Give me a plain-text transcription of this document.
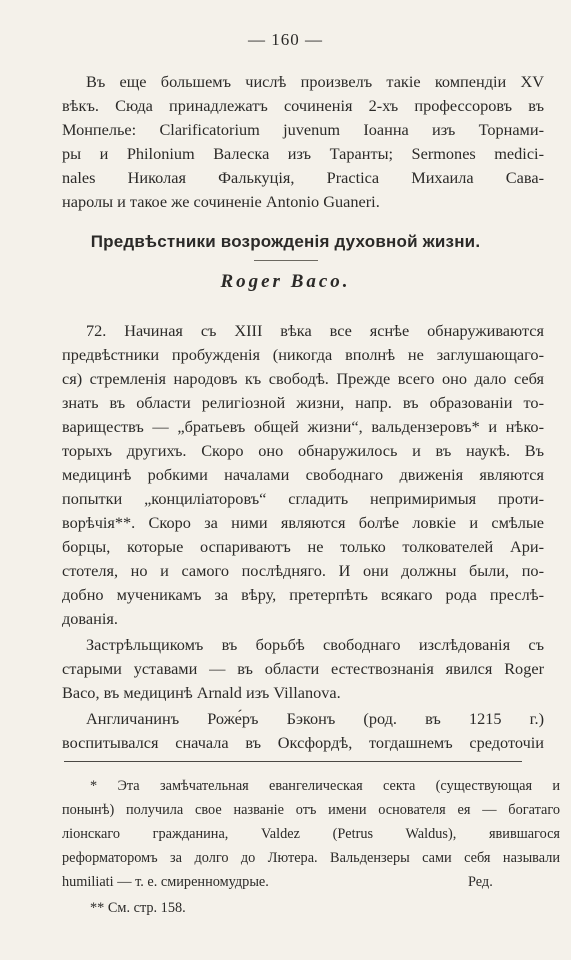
— 160 —
Въ еще большемъ числѣ произвелъ такіе компендіи XV
вѣкъ. Сюда принадлежатъ сочиненія 2-хъ профессоровъ въ
Монпелье: Clarificatorium juvenum Іоанна изъ Торнами-
ры и Philonium Валеска изъ Таранты; Sermones medici-
nales Николая Фалькуція, Practica Михаила Сава-
наролы и такое же сочиненіе Antonio Guaneri.
Предвѣстники возрожденія духовной жизни.
Roger Baco.
72. Начиная съ XIII вѣка все яснѣе обнаруживаются
предвѣстники пробужденія (никогда вполнѣ не заглушающаго-
ся) стремленія народовъ къ свободѣ. Прежде всего оно дало себя
знать въ области религіозной жизни, напр. въ образованіи то-
вариществъ — „братьевъ общей жизни“, вальдензеровъ* и нѣко-
торыхъ другихъ. Скоро оно обнаружилось и въ наукѣ. Въ
медицинѣ робкими началами свободнаго движенія являются
попытки „конциліаторовъ“ сгладить непримиримыя проти-
ворѣчія**. Скоро за ними являются болѣе ловкіе и смѣлые
борцы, которые оспариваютъ не только толкователей Ари-
стотеля, но и самого послѣдняго. И они должны были, по-
добно мученикамъ за вѣру, претерпѣть всякаго рода преслѣ-
дованія.
Застрѣльщикомъ въ борьбѣ свободнаго изслѣдованія съ
старыми уставами — въ области естествознанія явился Roger
Baco, въ медицинѣ Arnald изъ Villanova.
Англичанинъ Роже́ръ Бэконъ (род. въ 1215 г.)
воспитывался сначала въ Оксфордѣ, тогдашнемъ средоточіи
* Эта замѣчательная евангелическая секта (существующая и
понынѣ) получила свое названіе отъ имени основателя ея — богатаго
ліонскаго гражданина, Valdez (Petrus Waldus), явившагося
реформаторомъ за долго до Лютера. Вальдензеры сами себя называли
humiliati — т. е. смиренномудрые.	Ред.
** См. стр. 158.
